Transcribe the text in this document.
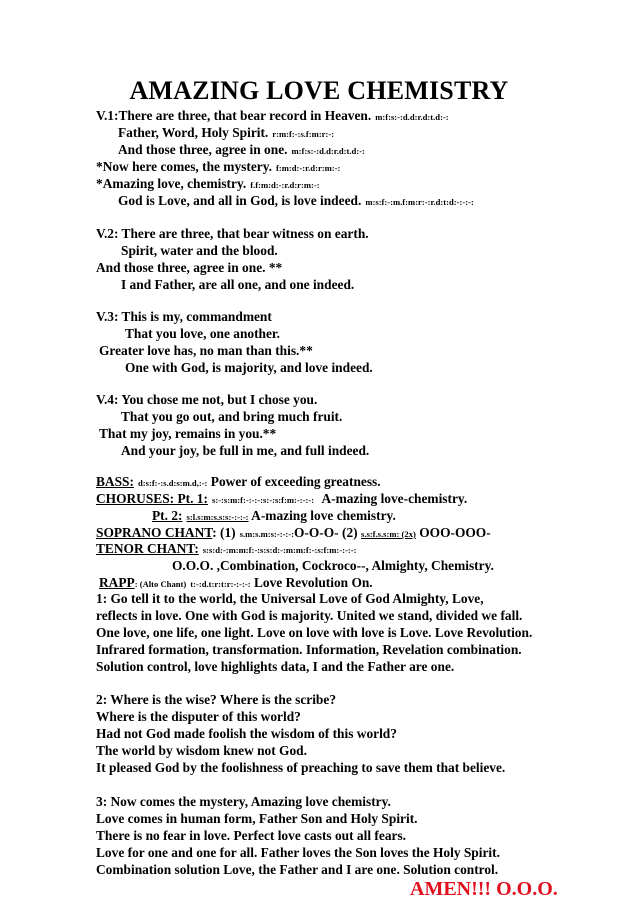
AMAZING LOVE CHEMISTRY
V.1:There are three, that bear record in Heaven. m:f:s:-:d.d:r.d:t.d:-:
Father, Word, Holy Spirit. r:m:f:-:s.f:m:r:-:
And those three, agree in one. m:f:s:-:d.d:r.d:t.d:-:
*Now here comes, the mystery. f:m:d:-:r.d:r:m:-:
*Amazing love, chemistry. f.f:m:d:-:r.d:r:m:-:
God is Love, and all in God, is love indeed. m:s:f:-:m.f:m:r:-:r.d:t:d:-:-:-:
V.2: There are three, that bear witness on earth.
Spirit, water and the blood.
And those three, agree in one. **
I and Father, are all one, and one indeed.
V.3: This is my, commandment
That you love, one another.
Greater love has, no man than this.**
One with God, is majority, and love indeed.
V.4: You chose me not, but I chose you.
That you go out, and bring much fruit.
That my joy, remains in you.**
And your joy, be full in me, and full indeed.
BASS: d:s:f:-:s.d:s:m.d,:-: Power of exceeding greatness.
CHORUSES: Pt. 1: s:-:s:m:f:-:-:-:s:-:s:f:m:-:-:-: A-mazing love-chemistry.
Pt. 2: s:l.s:m:s.s:s:-:-:-: A-mazing love chemistry.
SOPRANO CHANT: (1) s.m:s.m:s:-:-:-:O-O-O- (2) s.s:f.s.s:m: (2x) OOO-OOO-
TENOR CHANT: s:s:d:-:m:m:f:-:s:s:d:-:m:m:f:-:s:f:m:-:-:-:
O.O.O. ,Combination, Cockroco--, Almighty, Chemistry.
RAPP: (Alto Chant) t:-:d.t:r:t:r:-:-:-: Love Revolution On.
1: Go tell it to the world, the Universal Love of God Almighty, Love,
reflects in love. One with God is majority. United we stand, divided we fall.
One love, one life, one light. Love on love with love is Love. Love Revolution.
Infrared formation, transformation. Information, Revelation combination.
Solution control, love highlights data, I and the Father are one.
2: Where is the wise? Where is the scribe?
Where is the disputer of this world?
Had not God made foolish the wisdom of this world?
The world by wisdom knew not God.
It pleased God by the foolishness of preaching to save them that believe.
3: Now comes the mystery, Amazing love chemistry.
Love comes in human form, Father Son and Holy Spirit.
There is no fear in love. Perfect love casts out all fears.
Love for one and one for all. Father loves the Son loves the Holy Spirit.
Combination solution Love, the Father and I are one. Solution control.
AMEN!!! O.O.O.
